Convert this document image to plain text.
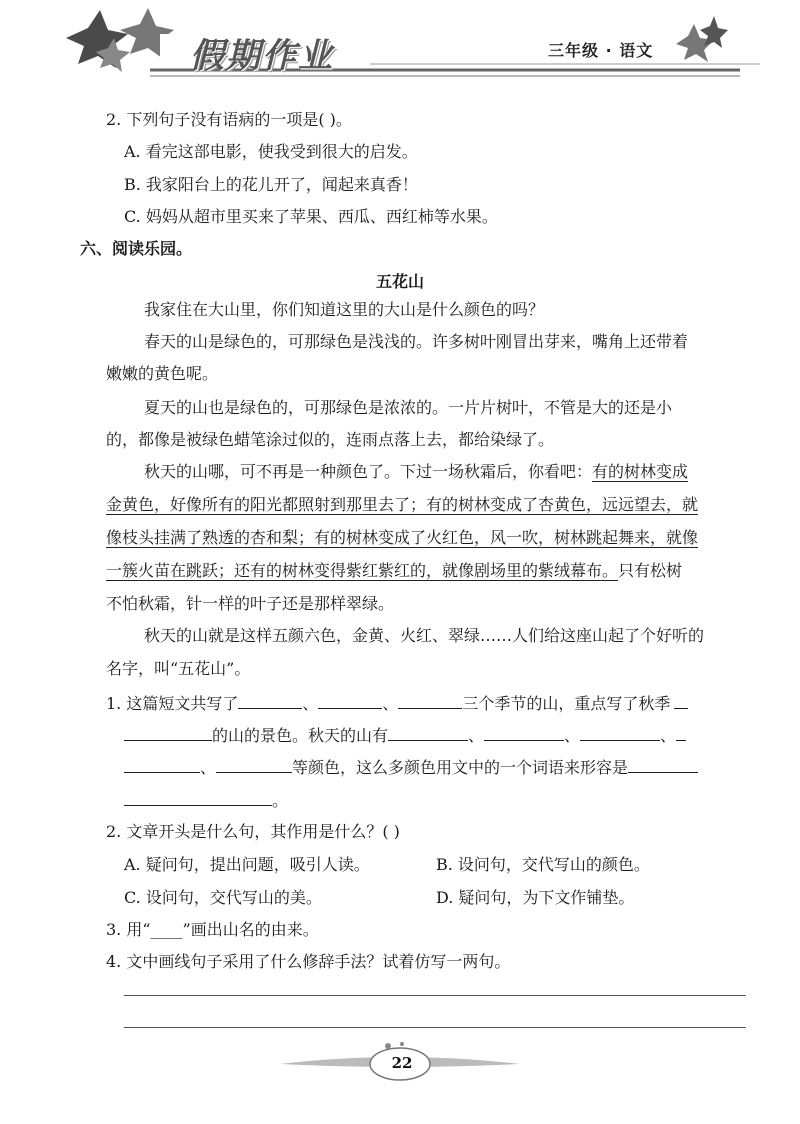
假期作业	三年级 · 语文
2. 下列句子没有语病的一项是( )。
A. 看完这部电影，使我受到很大的启发。
B. 我家阳台上的花儿开了，闻起来真香！
C. 妈妈从超市里买来了苹果、西瓜、西红柿等水果。
六、阅读乐园。
五花山
我家住在大山里，你们知道这里的大山是什么颜色的吗？
春天的山是绿色的，可那绿色是浅浅的。许多树叶刚冒出芽来，嘴角上还带着
嫩嫩的黄色呢。
夏天的山也是绿色的，可那绿色是浓浓的。一片片树叶，不管是大的还是小
的，都像是被绿色蜡笔涂过似的，连雨点落上去，都给染绿了。
秋天的山哪，可不再是一种颜色了。下过一场秋霜后，你看吧：有的树林变成
金黄色，好像所有的阳光都照射到那里去了；有的树林变成了杏黄色，远远望去，就
像枝头挂满了熟透的杏和梨；有的树林变成了火红色，风一吹，树林跳起舞来，就像
一簇火苗在跳跃；还有的树林变得紫红紫红的，就像剧场里的紫绒幕布。只有松树
不怕秋霜，针一样的叶子还是那样翠绿。
秋天的山就是这样五颜六色，金黄、火红、翠绿……人们给这座山起了个好听的
名字，叫“五花山”。
1. 这篇短文共写了	、	、	三个季节的山，重点写了秋季
的山的景色。秋天的山有	、	、	、
、	等颜色，这么多颜色用文中的一个词语来形容是
。
2. 文章开头是什么句，其作用是什么？( )
A. 疑问句，提出问题，吸引人读。	B. 设问句，交代写山的颜色。
C. 设问句，交代写山的美。	D. 疑问句，为下文作铺垫。
3. 用“____”画出山名的由来。
4. 文中画线句子采用了什么修辞手法？试着仿写一两句。
22
